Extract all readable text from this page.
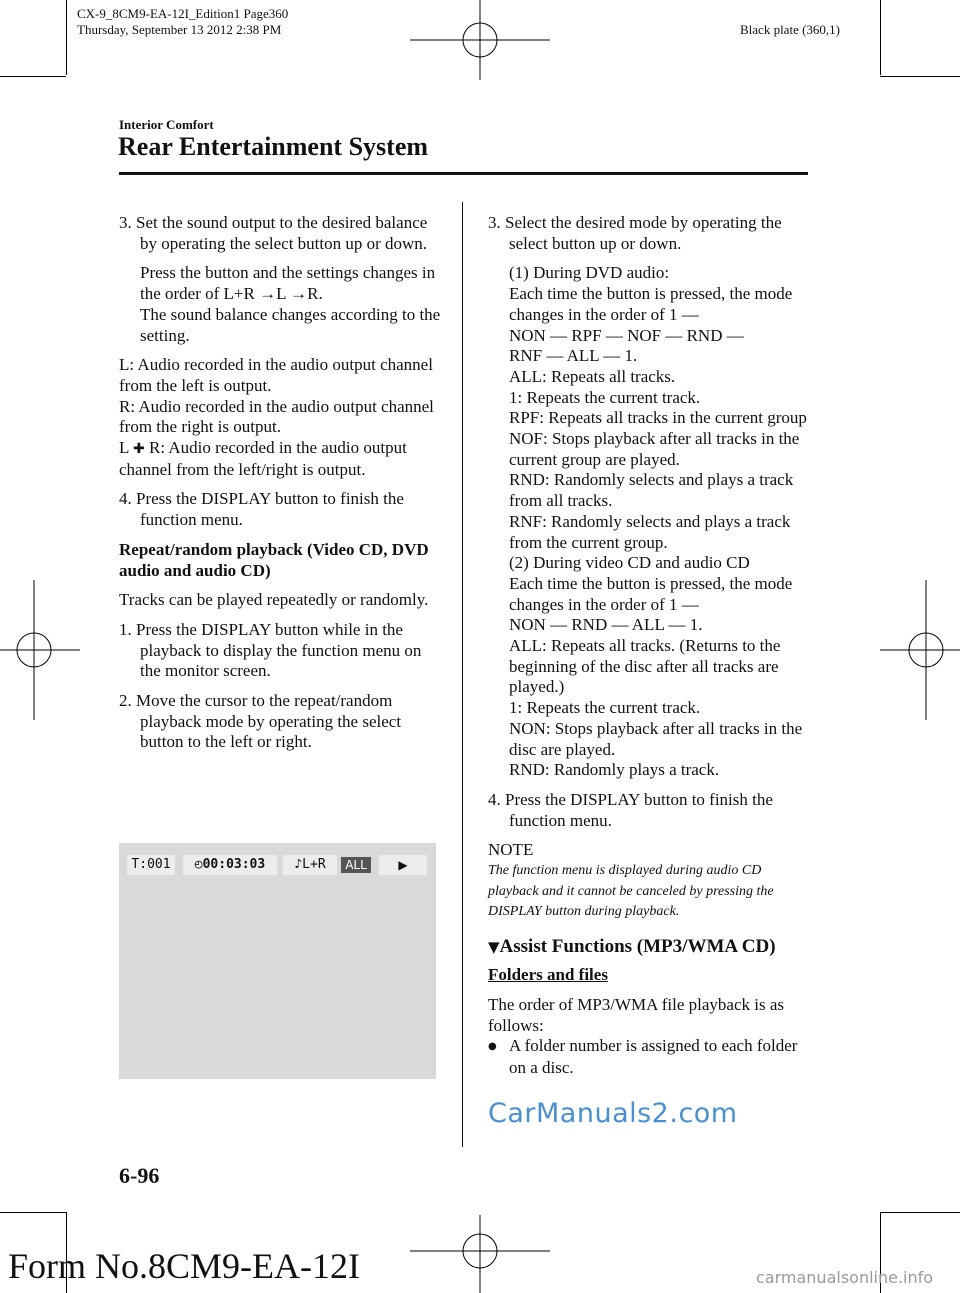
CX-9_8CM9-EA-12I_Edition1 Page360
Thursday, September 13 2012 2:38 PM	Black plate (360,1)
Interior Comfort
Rear Entertainment System

3. Set the sound output to the desired balance by operating the select button up or down.

Press the button and the settings changes in the order of L+R →L →R.

The sound balance changes according to the setting.

L: Audio recorded in the audio output channel from the left is output.
R: Audio recorded in the audio output channel from the right is output.

L ✚ R: Audio recorded in the audio output channel from the left/right is output.

4. Press the DISPLAY button to finish the function menu.

Repeat/random playback (Video CD, DVD audio and audio CD)

Tracks can be played repeatedly or randomly.

1. Press the DISPLAY button while in the playback to display the function menu on the monitor screen.

2. Move the cursor to the repeat/random playback mode by operating the select button to the left or right.

T:001	◴00:03:03	♪L+R	ALL	▶

3. Select the desired mode by operating the select button up or down.

(1) During DVD audio:
Each time the button is pressed, the mode changes in the order of 1 ―
NON ― RPF ― NOF ― RND ―
RNF ― ALL ― 1.
ALL: Repeats all tracks.
1: Repeats the current track.
RPF: Repeats all tracks in the current group
NOF: Stops playback after all tracks in the current group are played.
RND: Randomly selects and plays a track from all tracks.
RNF: Randomly selects and plays a track from the current group.
(2) During video CD and audio CD
Each time the button is pressed, the mode changes in the order of 1 ―
NON ― RND ― ALL ― 1.
ALL: Repeats all tracks. (Returns to the beginning of the disc after all tracks are played.)
1: Repeats the current track.
NON: Stops playback after all tracks in the disc are played.
RND: Randomly plays a track.

4. Press the DISPLAY button to finish the function menu.

NOTE

The function menu is displayed during audio CD playback and it cannot be canceled by pressing the DISPLAY button during playback.

▼Assist Functions (MP3/WMA CD)

Folders and files

The order of MP3/WMA file playback is as follows:
● A folder number is assigned to each folder on a disc.
CarManuals2.com
6-96
Form No.8CM9-EA-12I	carmanualsonline.info
